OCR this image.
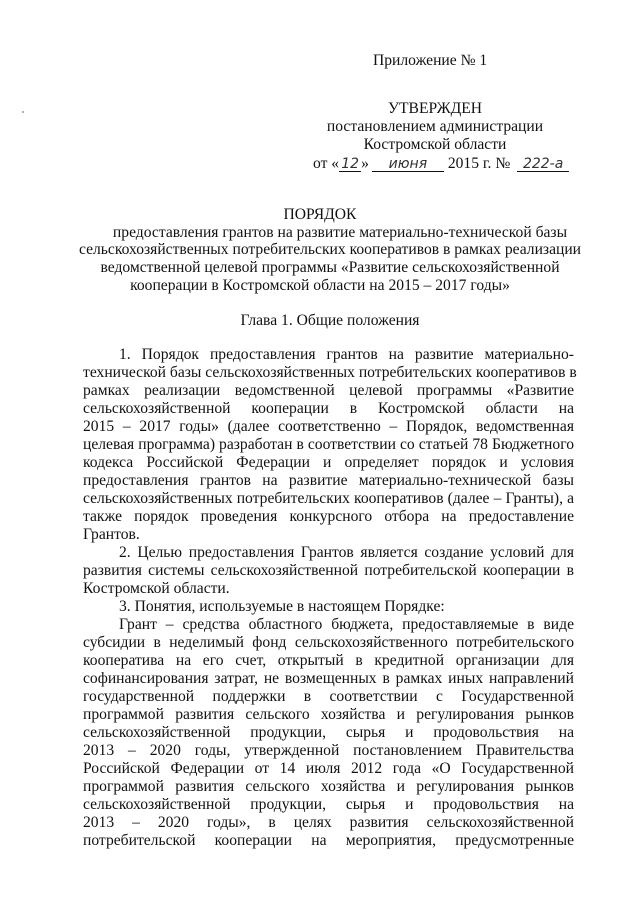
Приложение № 1
УТВЕРЖДЕН
постановлением администрации
Костромской области
от « 12 » июня 2015 г. № 222-а
ПОРЯДОК
предоставления грантов на развитие материально-технической базы
сельскохозяйственных потребительских кооперативов в рамках реализации
ведомственной целевой программы «Развитие сельскохозяйственной
кооперации в Костромской области на 2015 – 2017 годы»
Глава 1. Общие положения

1. Порядок предоставления грантов на развитие материально-

технической базы сельскохозяйственных потребительских кооперативов в

рамках реализации ведомственной целевой программы «Развитие

сельскохозяйственной кооперации в Костромской области на

2015 – 2017 годы» (далее соответственно – Порядок, ведомственная

целевая программа) разработан в соответствии со статьей 78 Бюджетного

кодекса Российской Федерации и определяет порядок и условия

предоставления грантов на развитие материально-технической базы

сельскохозяйственных потребительских кооперативов (далее – Гранты), а

также порядок проведения конкурсного отбора на предоставление

Грантов.

2. Целью предоставления Грантов является создание условий для

развития системы сельскохозяйственной потребительской кооперации в

Костромской области.

3. Понятия, используемые в настоящем Порядке:

Грант – средства областного бюджета, предоставляемые в виде

субсидии в неделимый фонд сельскохозяйственного потребительского

кооператива на его счет, открытый в кредитной организации для

софинансирования затрат, не возмещенных в рамках иных направлений

государственной поддержки в соответствии с Государственной

программой развития сельского хозяйства и регулирования рынков

сельскохозяйственной продукции, сырья и продовольствия на

2013 – 2020 годы, утвержденной постановлением Правительства

Российской Федерации от 14 июля 2012 года «О Государственной

программой развития сельского хозяйства и регулирования рынков

сельскохозяйственной продукции, сырья и продовольствия на

2013 – 2020 годы», в целях развития сельскохозяйственной

потребительской кооперации на мероприятия, предусмотренные
